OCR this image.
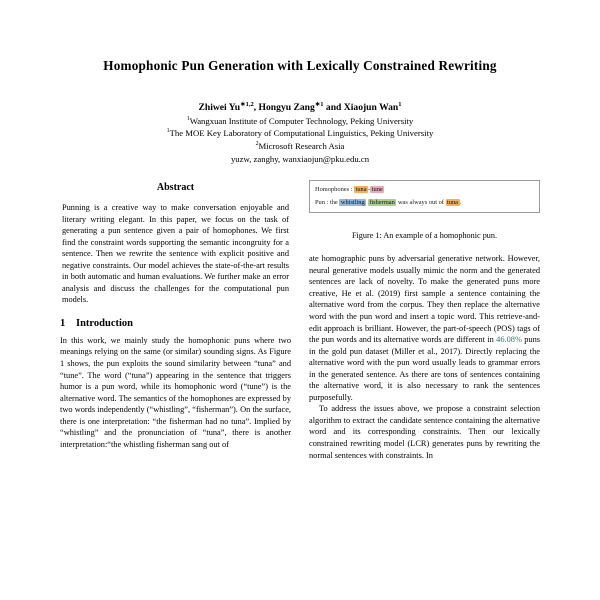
Homophonic Pun Generation with Lexically Constrained Rewriting
Zhiwei $Yu^{∗1,2}$, Hongyu Zang$^{∗1}$ and Xiaojun Wan$^1$
$^1$Wangxuan Institute of Computer Technology, Peking University
$^1$The MOE Key Laboratory of Computational Linguistics, Peking University
$^2$Microsoft Research Asia
yuzw, zanghy, wanxiaojun@pku.edu.cn
Abstract

Punning is a creative way to make conversation enjoyable and literary writing elegant. In this paper, we focus on the task of generating a pun sentence given a pair of homophones. We first find the constraint words supporting the semantic incongruity for a sentence. Then we rewrite the sentence with explicit positive and negative constraints. Our model achieves the state-of-the-art results in both automatic and human evaluations. We further make an error analysis and discuss the challenges for the computational pun models.

1 Introduction

In this work, we mainly study the homophonic puns where two meanings relying on the same (or similar) sounding signs. As Figure 1 shows, the pun exploits the sound similarity between “tuna” and “tune”. The word (“tuna”) appearing in the sentence that triggers humor is a pun word, while its homophonic word (“tune”) is the alternative word. The semantics of the homophones are expressed by two words independently (“whistling”, “fisherman”). On the surface, there is one interpretation: “the fisherman had no tuna”. Implied by “whistling” and the pronunciation of “tuna”, there is another interpretation:“the whistling fisherman sang out of

Homophones : tuna tune
Pun : the whistling fisherman was always out of tuna .
Figure 1: An example of a homophonic pun.

ate homographic puns by adversarial generative network. However, neural generative models usually mimic the norm and the generated sentences are lack of novelty. To make the generated puns more creative, He et al. (2019) first sample a sentence containing the alternative word from the corpus. They then replace the alternative word with the pun word and insert a topic word. This retrieve-and-edit approach is brilliant. However, the part-of-speech (POS) tags of the pun words and its alternative words are different in 46.08% puns in the gold pun dataset (Miller et al., 2017). Directly replacing the alternative word with the pun word usually leads to grammar errors in the generated sentence. As there are tons of sentences containing the alternative word, it is also necessary to rank the sentences purposefully.

To address the issues above, we propose a constraint selection algorithm to extract the candidate sentence containing the alternative word and its corresponding constraints. Then our lexically constrained rewriting model (LCR) generates puns by rewriting the normal sentences with constraints. In
